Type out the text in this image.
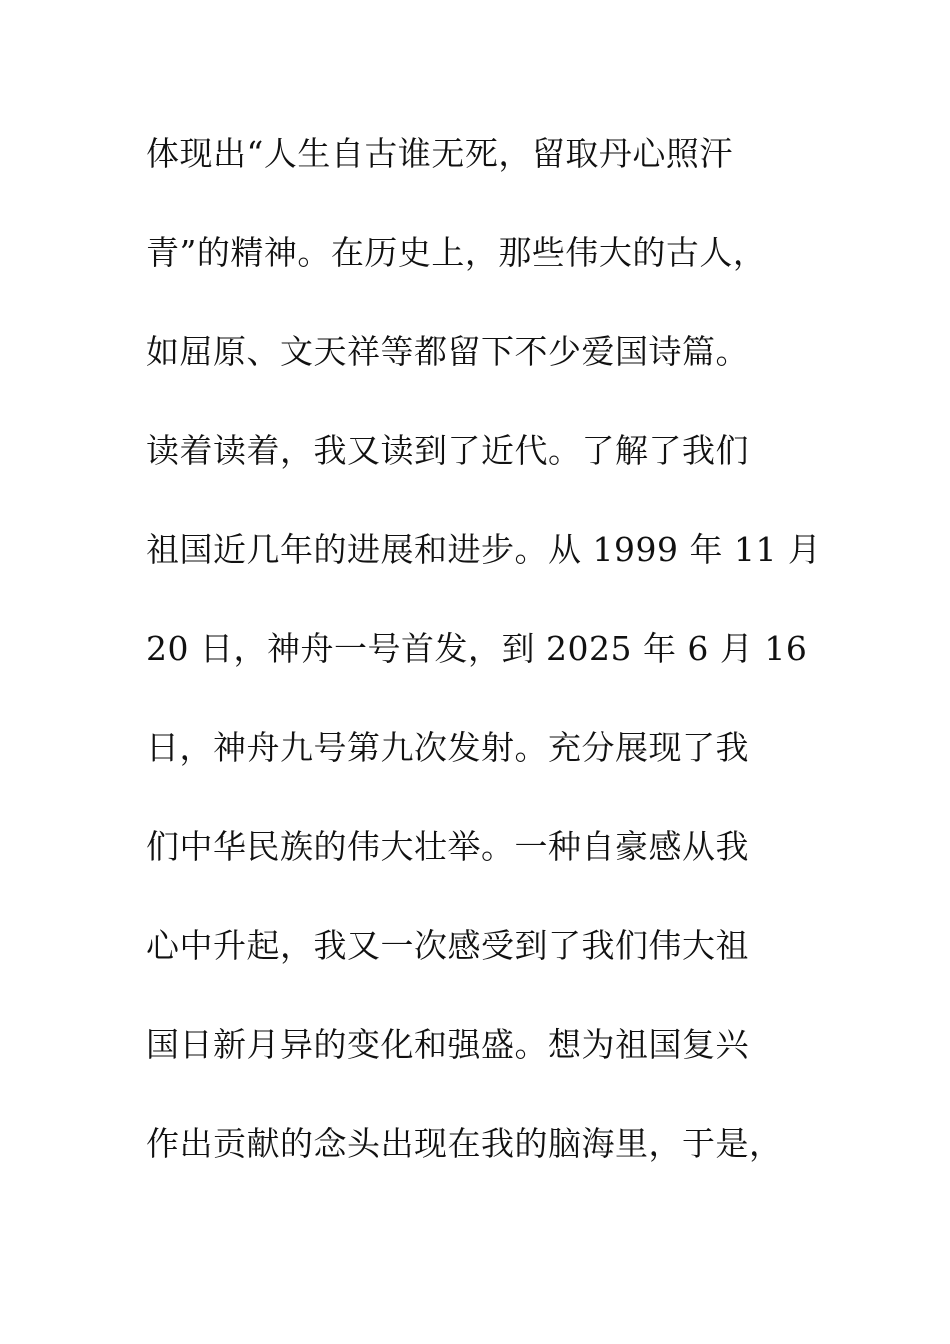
体现出“人生自古谁无死，留取丹心照汗
青”的精神。在历史上，那些伟大的古人，
如屈原、文天祥等都留下不少爱国诗篇。
读着读着，我又读到了近代。了解了我们
祖国近几年的进展和进步。从 1999 年 11 月
20 日，神舟一号首发，到 2025 年 6 月 16
日，神舟九号第九次发射。充分展现了我
们中华民族的伟大壮举。一种自豪感从我
心中升起，我又一次感受到了我们伟大祖
国日新月异的变化和强盛。想为祖国复兴
作出贡献的念头出现在我的脑海里，于是，
